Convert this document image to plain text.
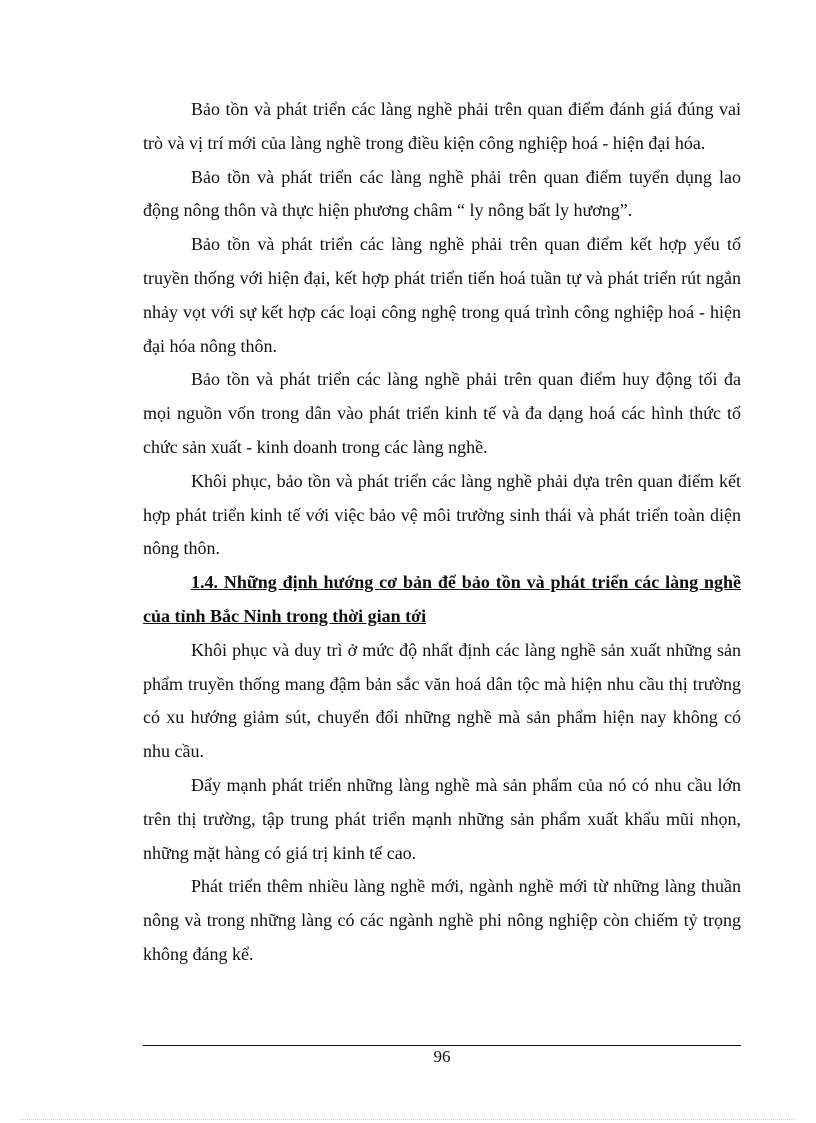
Bảo tồn và phát triển các làng nghề phải trên quan điểm đánh giá đúng vai trò và vị trí mới của làng nghề trong điều kiện công nghiệp hoá - hiện đại hóa.

Bảo tồn và phát triển các làng nghề phải trên quan điểm tuyển dụng lao động nông thôn và thực hiện phương châm “ ly nông bất ly hương”.

Bảo tồn và phát triển các làng nghề phải trên quan điểm kết hợp yếu tố truyền thống với hiện đại, kết hợp phát triển tiến hoá tuần tự và phát triển rút ngắn nhảy vọt với sự kết hợp các loại công nghệ trong quá trình công nghiệp hoá - hiện đại hóa nông thôn.

Bảo tồn và phát triển các làng nghề phải trên quan điểm huy động tối đa mọi nguồn vốn trong dân vào phát triển kinh tế và đa dạng hoá các hình thức tổ chức sản xuất - kinh doanh trong các làng nghề.

Khôi phục, bảo tồn và phát triển các làng nghề phải dựa trên quan điểm kết hợp phát triển kinh tế với việc bảo vệ môi trường sinh thái và phát triển toàn diện nông thôn.

1.4. Những định hướng cơ bản để bảo tồn và phát triển các làng nghề của tỉnh Bắc Ninh trong thời gian tới

Khôi phục và duy trì ở mức độ nhất định các làng nghề sản xuất những sản phẩm truyền thống mang đậm bản sắc văn hoá dân tộc mà hiện nhu cầu thị trường có xu hướng giảm sút, chuyển đổi những nghề mà sản phẩm hiện nay không có nhu cầu.

Đẩy mạnh phát triển những làng nghề mà sản phẩm của nó có nhu cầu lớn trên thị trường, tập trung phát triển mạnh những sản phẩm xuất khẩu mũi nhọn, những mặt hàng có giá trị kinh tế cao.

Phát triển thêm nhiều làng nghề mới, ngành nghề mới từ những làng thuần nông và trong những làng có các ngành nghề phi nông nghiệp còn chiếm tỷ trọng không đáng kể.

96
